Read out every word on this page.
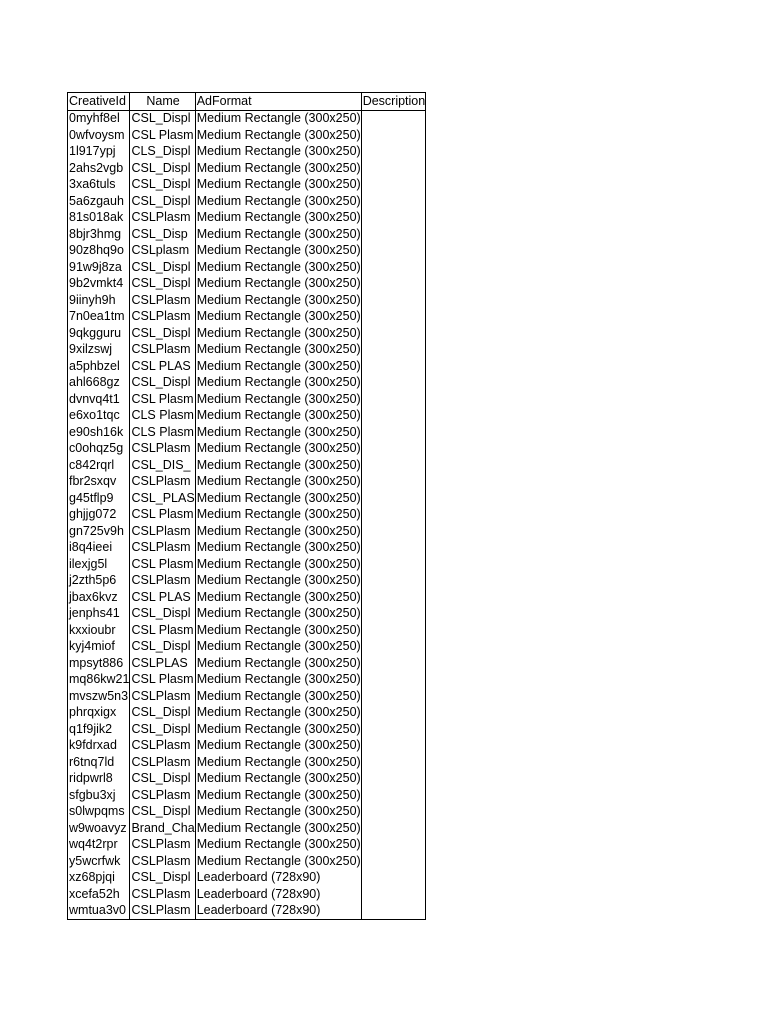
CreativeId	Name	AdFormat	Description
0myhf8el	CSL_Displ	Medium Rectangle (300x250)	
0wfvoysm	CSL Plasm	Medium Rectangle (300x250)	
1l917ypj	CLS_Displ	Medium Rectangle (300x250)	
2ahs2vgb	CSL_Displ	Medium Rectangle (300x250)	
3xa6tuls	CSL_Displ	Medium Rectangle (300x250)	
5a6zgauh	CSL_Displ	Medium Rectangle (300x250)	
81s018ak	CSLPlasm	Medium Rectangle (300x250)	
8bjr3hmg	CSL_Disp	Medium Rectangle (300x250)	
90z8hq9o	CSLplasm	Medium Rectangle (300x250)	
91w9j8za	CSL_Displ	Medium Rectangle (300x250)	
9b2vmkt4	CSL_Displ	Medium Rectangle (300x250)	
9iinyh9h	CSLPlasm	Medium Rectangle (300x250)	
7n0ea1tm	CSLPlasm	Medium Rectangle (300x250)	
9qkgguru	CSL_Displ	Medium Rectangle (300x250)	
9xilzswj	CSLPlasm	Medium Rectangle (300x250)	
a5phbzel	CSL PLAS	Medium Rectangle (300x250)	
ahl668gz	CSL_Displ	Medium Rectangle (300x250)	
dvnvq4t1	CSL Plasm	Medium Rectangle (300x250)	
e6xo1tqc	CLS Plasm	Medium Rectangle (300x250)	
e90sh16k	CLS Plasm	Medium Rectangle (300x250)	
c0ohqz5g	CSLPlasm	Medium Rectangle (300x250)	
c842rqrl	CSL_DIS_	Medium Rectangle (300x250)	
fbr2sxqv	CSLPlasm	Medium Rectangle (300x250)	
g45tflp9	CSL_PLAS	Medium Rectangle (300x250)	
ghjjg072	CSL Plasm	Medium Rectangle (300x250)	
gn725v9h	CSLPlasm	Medium Rectangle (300x250)	
i8q4ieei	CSLPlasm	Medium Rectangle (300x250)	
ilexjg5l	CSL Plasm	Medium Rectangle (300x250)	
j2zth5p6	CSLPlasm	Medium Rectangle (300x250)	
jbax6kvz	CSL PLAS	Medium Rectangle (300x250)	
jenphs41	CSL_Displ	Medium Rectangle (300x250)	
kxxioubr	CSL Plasm	Medium Rectangle (300x250)	
kyj4miof	CSL_Displ	Medium Rectangle (300x250)	
mpsyt886	CSLPLAS	Medium Rectangle (300x250)	
mq86kw21	CSL Plasm	Medium Rectangle (300x250)	
mvszw5n3	CSLPlasm	Medium Rectangle (300x250)	
phrqxigx	CSL_Displ	Medium Rectangle (300x250)	
q1f9jik2	CSL_Displ	Medium Rectangle (300x250)	
k9fdrxad	CSLPlasm	Medium Rectangle (300x250)	
r6tnq7ld	CSLPlasm	Medium Rectangle (300x250)	
ridpwrl8	CSL_Displ	Medium Rectangle (300x250)	
sfgbu3xj	CSLPlasm	Medium Rectangle (300x250)	
s0lwpqms	CSL_Displ	Medium Rectangle (300x250)	
w9woavyz	Brand_Cha	Medium Rectangle (300x250)	
wq4t2rpr	CSLPlasm	Medium Rectangle (300x250)	
y5wcrfwk	CSLPlasm	Medium Rectangle (300x250)	
xz68pjqi	CSL_Displ	Leaderboard (728x90)	
xcefa52h	CSLPlasm	Leaderboard (728x90)	
wmtua3v0	CSLPlasm	Leaderboard (728x90)	
